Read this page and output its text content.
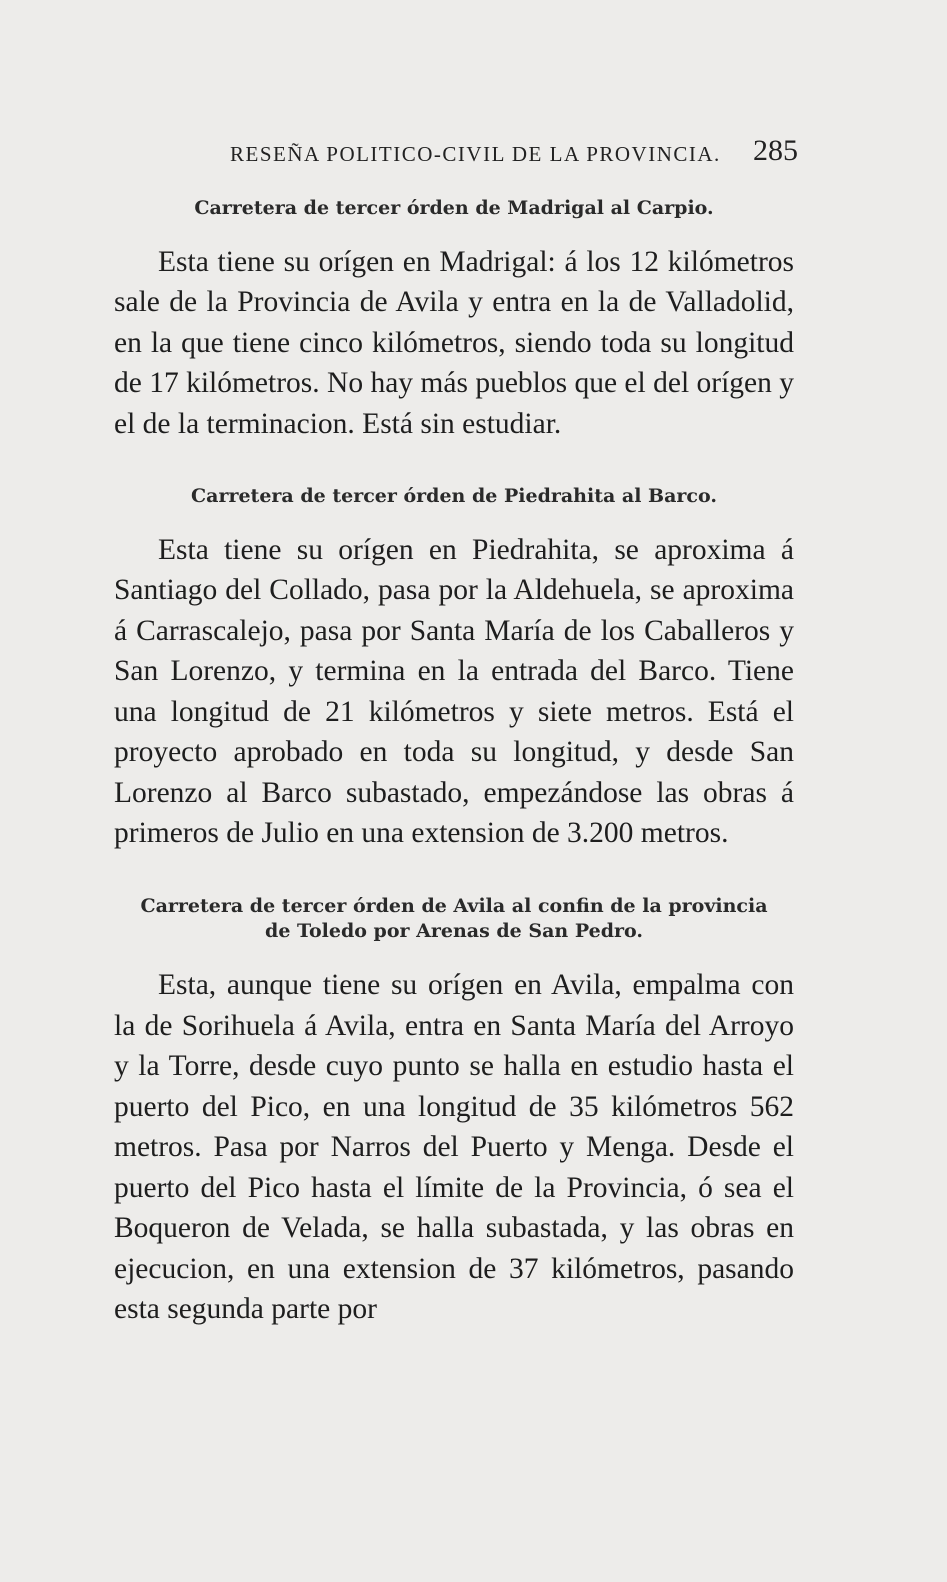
RESEÑA POLITICO-CIVIL DE LA PROVINCIA. 285
Carretera de tercer órden de Madrigal al Carpio.

Esta tiene su orígen en Madrigal: á los 12 kilómetros sale de la Provincia de Avila y entra en la de Valladolid, en la que tiene cinco kilómetros, siendo toda su longitud de 17 kilómetros. No hay más pueblos que el del orígen y el de la terminacion. Está sin estudiar.

Carretera de tercer órden de Piedrahita al Barco.

Esta tiene su orígen en Piedrahita, se aproxima á Santiago del Collado, pasa por la Aldehuela, se aproxima á Carrascalejo, pasa por Santa María de los Caballeros y San Lorenzo, y termina en la entrada del Barco. Tiene una longitud de 21 kilómetros y siete metros. Está el proyecto aprobado en toda su longitud, y desde San Lorenzo al Barco subastado, empezándose las obras á primeros de Julio en una extension de 3.200 metros.

Carretera de tercer órden de Avila al confin de la provincia
de Toledo por Arenas de San Pedro.

Esta, aunque tiene su orígen en Avila, empalma con la de Sorihuela á Avila, entra en Santa María del Arroyo y la Torre, desde cuyo punto se halla en estudio hasta el puerto del Pico, en una longitud de 35 kilómetros 562 metros. Pasa por Narros del Puerto y Menga. Desde el puerto del Pico hasta el límite de la Provincia, ó sea el Boqueron de Velada, se halla subastada, y las obras en ejecucion, en una extension de 37 kilómetros, pasando esta segunda parte por
